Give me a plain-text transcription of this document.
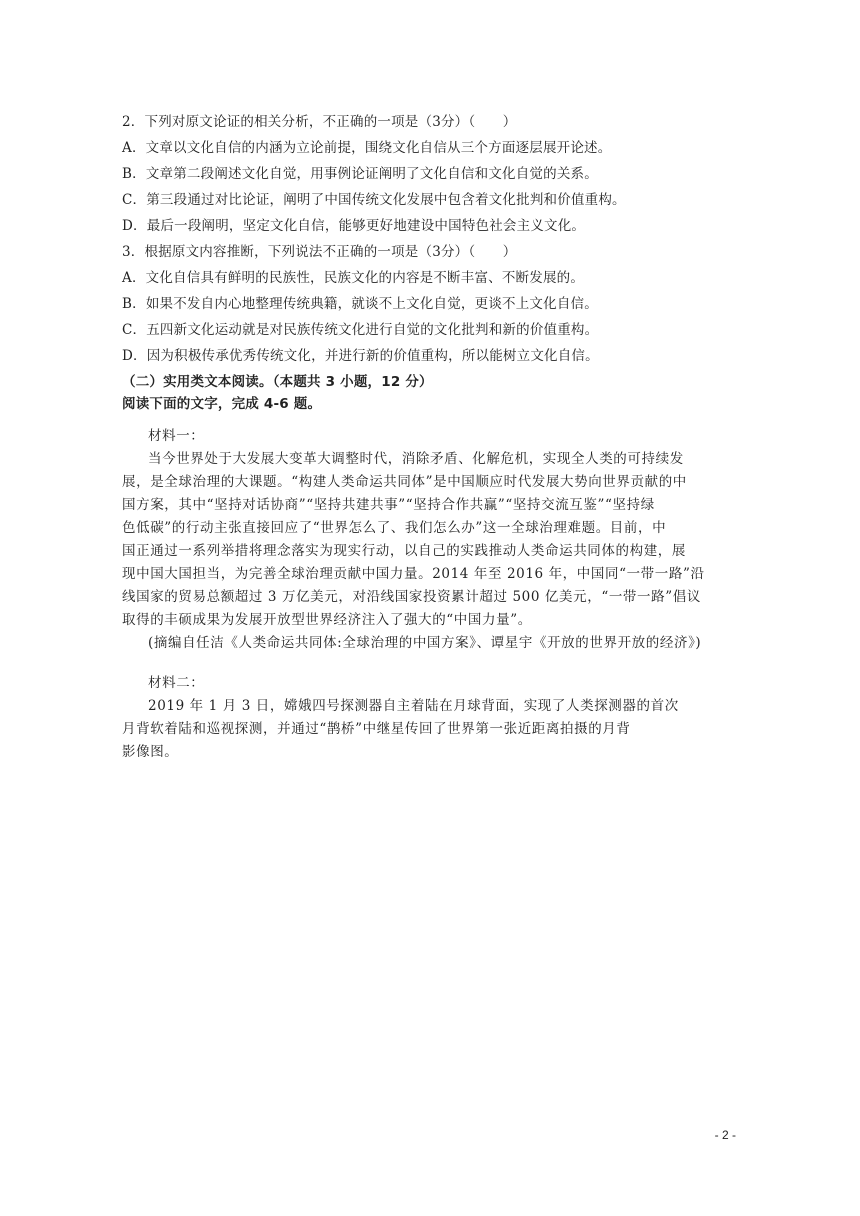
2．下列对原文论证的相关分析，不正确的一项是（3分）（　　）
A．文章以文化自信的内涵为立论前提，围绕文化自信从三个方面逐层展开论述。
B．文章第二段阐述文化自觉，用事例论证阐明了文化自信和文化自觉的关系。
C．第三段通过对比论证，阐明了中国传统文化发展中包含着文化批判和价值重构。
D．最后一段阐明，坚定文化自信，能够更好地建设中国特色社会主义文化。
3．根据原文内容推断，下列说法不正确的一项是（3分）（　　）
A．文化自信具有鲜明的民族性，民族文化的内容是不断丰富、不断发展的。
B．如果不发自内心地整理传统典籍，就谈不上文化自觉，更谈不上文化自信。
C．五四新文化运动就是对民族传统文化进行自觉的文化批判和新的价值重构。
D．因为积极传承优秀传统文化，并进行新的价值重构，所以能树立文化自信。
（二）实用类文本阅读。（本题共 3 小题，12 分）
阅读下面的文字，完成 4-6 题。
材料一：
当今世界处于大发展大变革大调整时代，消除矛盾、化解危机，实现全人类的可持续发
展，是全球治理的大课题。“构建人类命运共同体”是中国顺应时代发展大势向世界贡献的中
国方案，其中“坚持对话协商”“坚持共建共事”“坚持合作共赢”“坚持交流互鉴”“坚持绿
色低碳”的行动主张直接回应了“世界怎么了、我们怎么办”这一全球治理难题。目前，中
国正通过一系列举措将理念落实为现实行动，以自己的实践推动人类命运共同体的构建，展
现中国大国担当，为完善全球治理贡献中国力量。2014 年至 2016 年，中国同“一带一路”沿
线国家的贸易总额超过 3 万亿美元，对沿线国家投资累计超过 500 亿美元，“一带一路”倡议
取得的丰硕成果为发展开放型世界经济注入了强大的“中国力量”。
(摘编自任洁《人类命运共同体:全球治理的中国方案》、谭星宇《开放的世界开放的经济》)
材料二：
2019 年 1 月 3 日，嫦娥四号探测器自主着陆在月球背面，实现了人类探测器的首次
月背软着陆和巡视探测，并通过“鹊桥”中继星传回了世界第一张近距离拍摄的月背
影像图。
- 2 -
